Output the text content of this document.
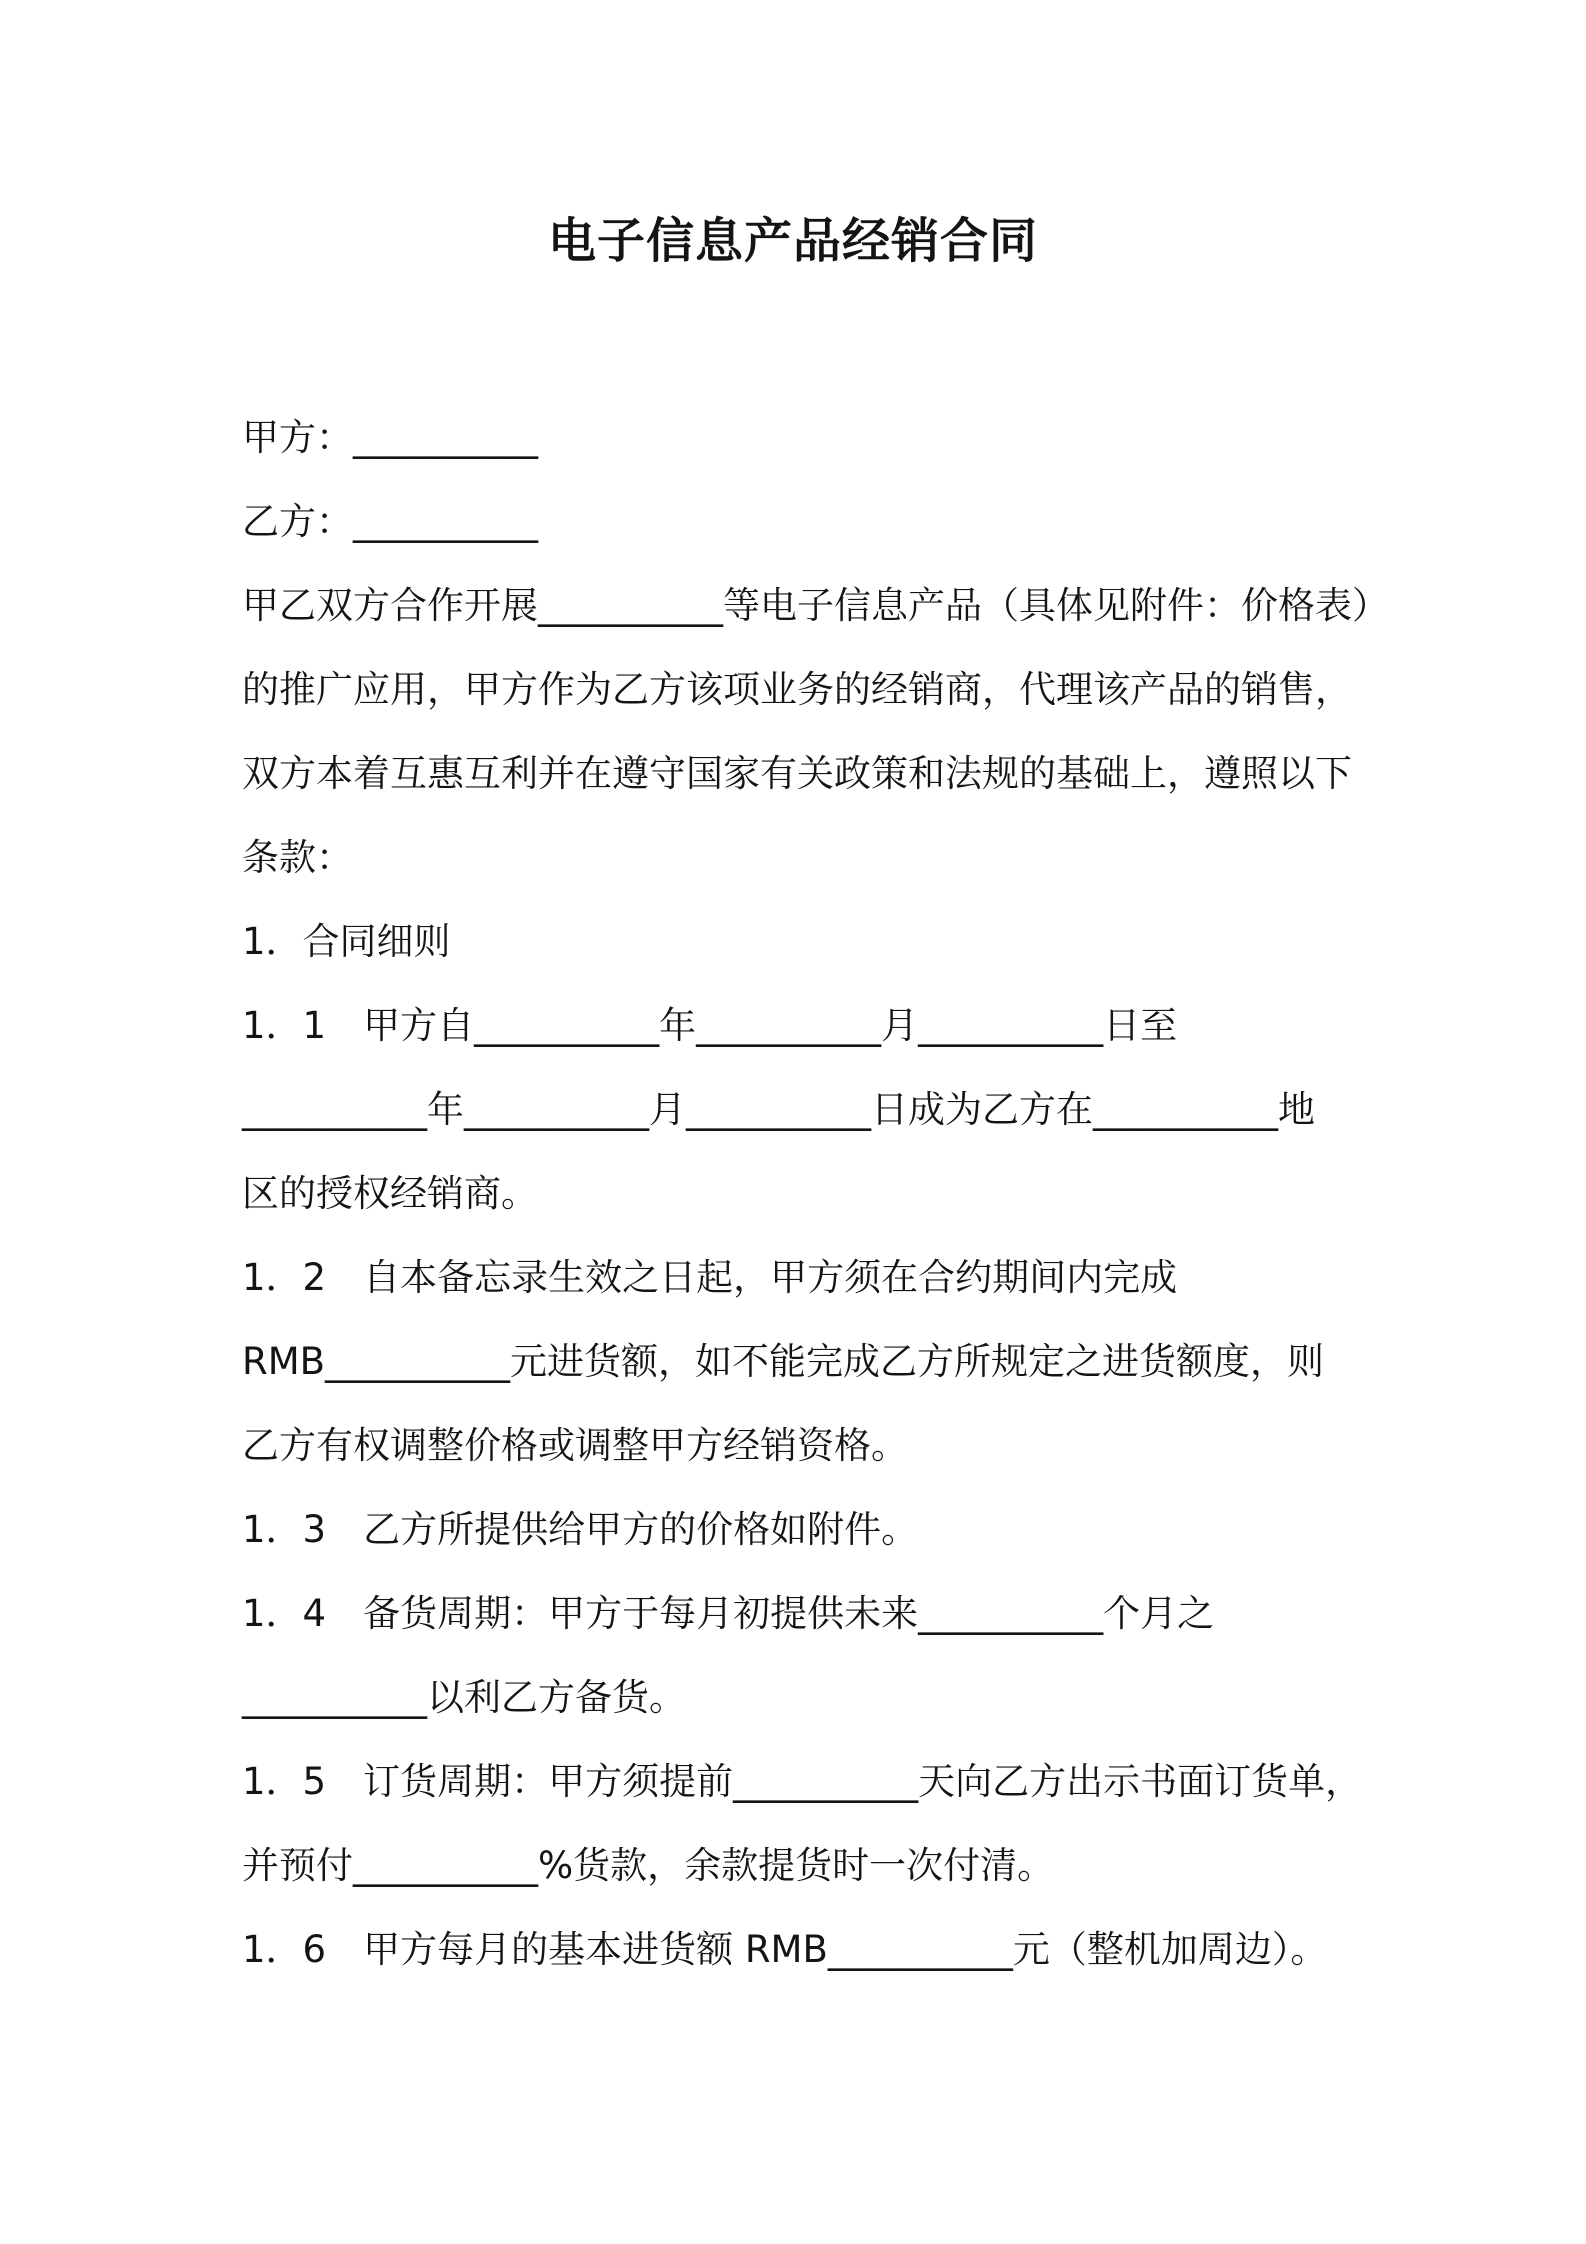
电子信息产品经销合同

甲方：__________

乙方：__________

甲乙双方合作开展__________等电子信息产品（具体见附件：价格表）

的推广应用，甲方作为乙方该项业务的经销商，代理该产品的销售，

双方本着互惠互利并在遵守国家有关政策和法规的基础上，遵照以下

条款：

1．合同细则

1．1　甲方自__________年__________月__________日至

__________年__________月__________日成为乙方在__________地

区的授权经销商。

1．2　自本备忘录生效之日起，甲方须在合约期间内完成

RMB__________元进货额，如不能完成乙方所规定之进货额度，则

乙方有权调整价格或调整甲方经销资格。

1．3　乙方所提供给甲方的价格如附件。

1．4　备货周期：甲方于每月初提供未来__________个月之

__________以利乙方备货。

1．5　订货周期：甲方须提前__________天向乙方出示书面订货单，

并预付__________%货款，余款提货时一次付清。

1．6　甲方每月的基本进货额 RMB__________元（整机加周边）。
